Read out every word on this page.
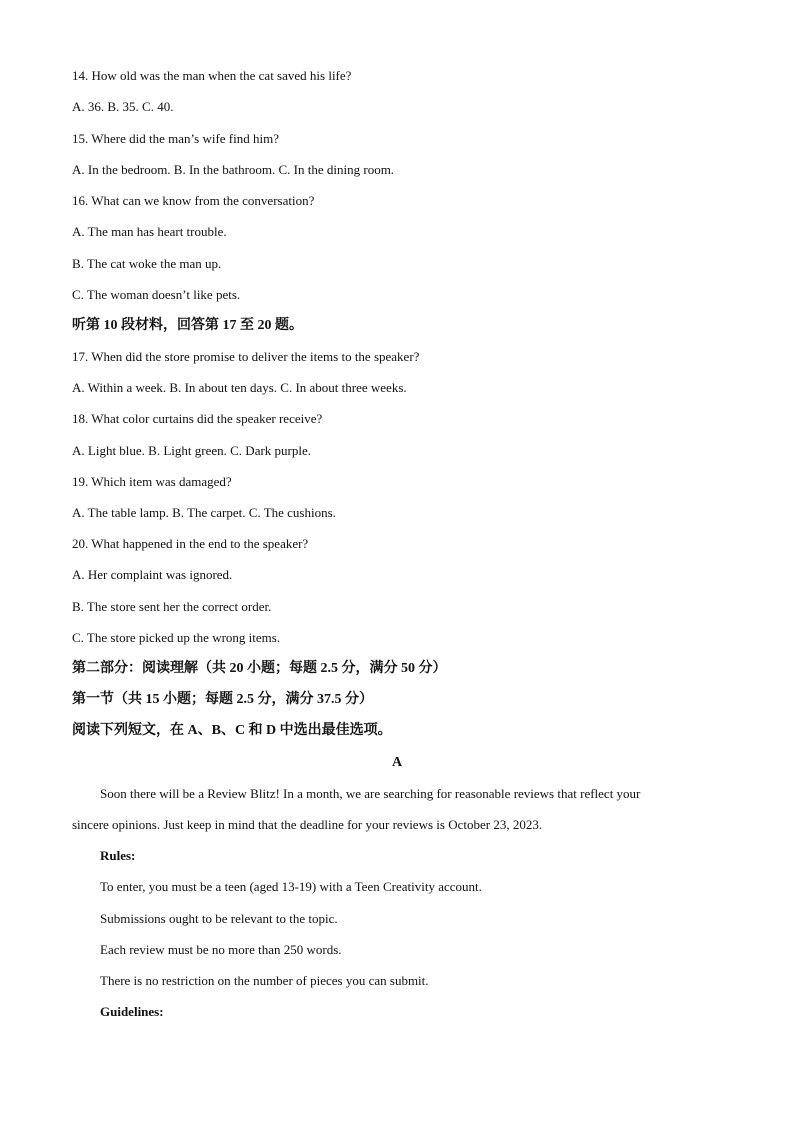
14. How old was the man when the cat saved his life?
A. 36. B. 35. C. 40.
15. Where did the man’s wife find him?
A. In the bedroom. B. In the bathroom. C. In the dining room.
16. What can we know from the conversation?
A. The man has heart trouble.
B. The cat woke the man up.
C. The woman doesn’t like pets.
听第 10 段材料，回答第 17 至 20 题。
17. When did the store promise to deliver the items to the speaker?
A. Within a week. B. In about ten days. C. In about three weeks.
18. What color curtains did the speaker receive?
A. Light blue. B. Light green. C. Dark purple.
19. Which item was damaged?
A. The table lamp. B. The carpet. C. The cushions.
20. What happened in the end to the speaker?
A. Her complaint was ignored.
B. The store sent her the correct order.
C. The store picked up the wrong items.
第二部分：阅读理解（共 20 小题；每题 2.5 分，满分 50 分）
第一节（共 15 小题；每题 2.5 分，满分 37.5 分）
阅读下列短文，在 A、B、C 和 D 中选出最佳选项。
A
Soon there will be a Review Blitz! In a month, we are searching for reasonable reviews that reflect your
sincere opinions. Just keep in mind that the deadline for your reviews is October 23, 2023.
Rules:
To enter, you must be a teen (aged 13-19) with a Teen Creativity account.
Submissions ought to be relevant to the topic.
Each review must be no more than 250 words.
There is no restriction on the number of pieces you can submit.
Guidelines:
